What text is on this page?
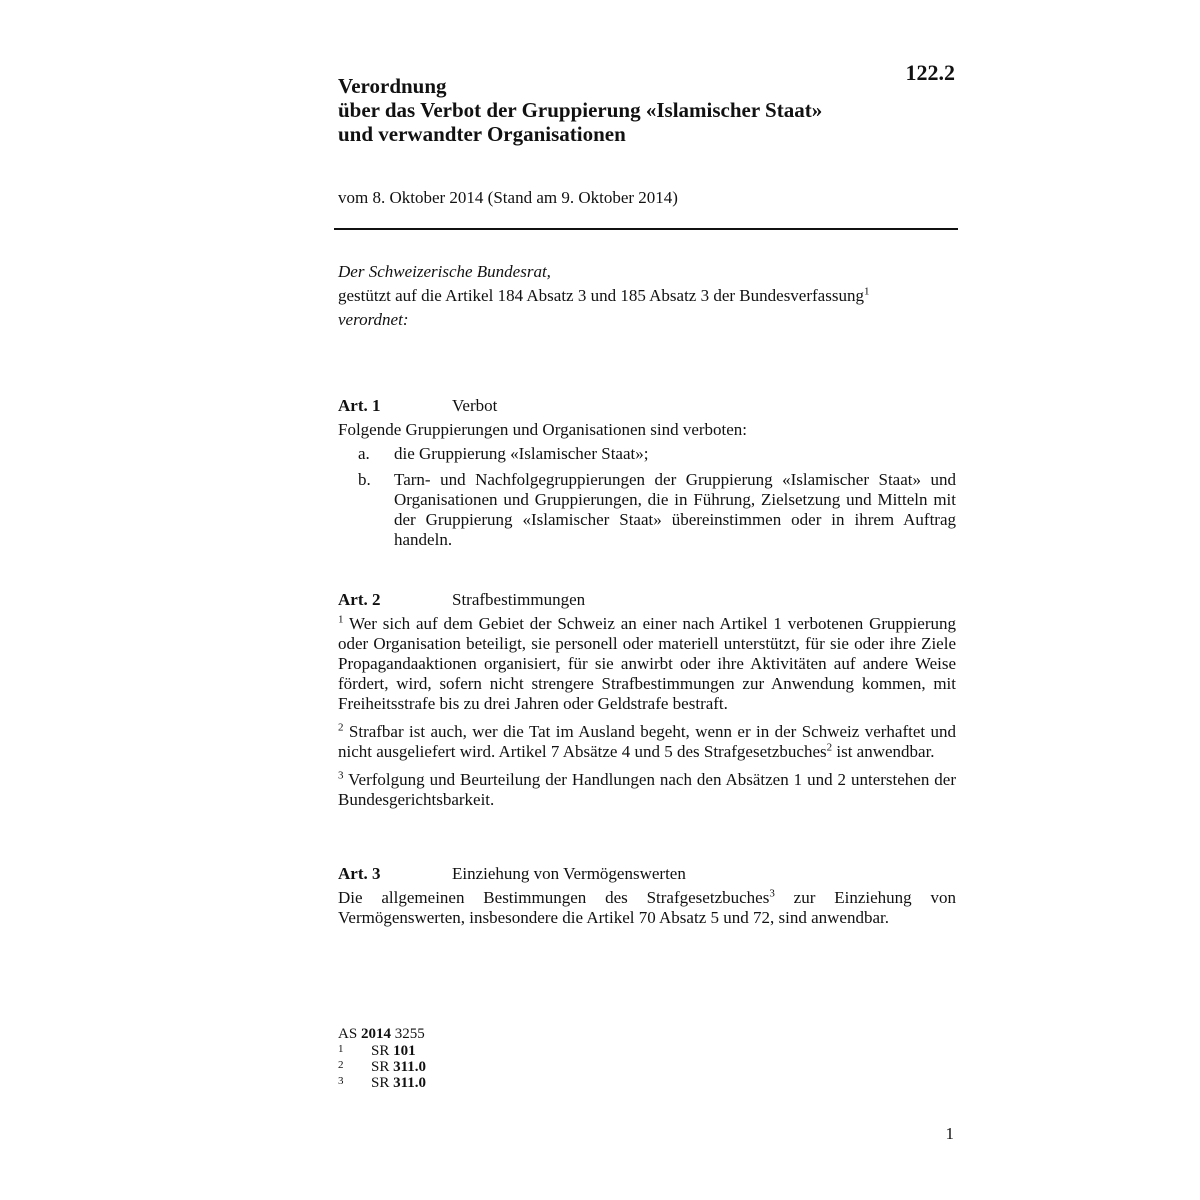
122.2
Verordnung
über das Verbot der Gruppierung «Islamischer Staat»
und verwandter Organisationen
vom 8. Oktober 2014 (Stand am 9. Oktober 2014)
Der Schweizerische Bundesrat,
gestützt auf die Artikel 184 Absatz 3 und 185 Absatz 3 der Bundesverfassung$^1$
verordnet:
Art. 1	Verbot
Folgende Gruppierungen und Organisationen sind verboten:
a.	die Gruppierung «Islamischer Staat»;
b.	Tarn- und Nachfolgegruppierungen der Gruppierung «Islamischer Staat» und Organisationen und Gruppierungen, die in Führung, Zielsetzung und Mitteln mit der Gruppierung «Islamischer Staat» übereinstimmen oder in ihrem Auftrag handeln.
Art. 2	Strafbestimmungen
$^1$ Wer sich auf dem Gebiet der Schweiz an einer nach Artikel 1 verbotenen Gruppierung oder Organisation beteiligt, sie personell oder materiell unterstützt, für sie oder ihre Ziele Propagandaaktionen organisiert, für sie anwirbt oder ihre Aktivitäten auf andere Weise fördert, wird, sofern nicht strengere Strafbestimmungen zur Anwendung kommen, mit Freiheitsstrafe bis zu drei Jahren oder Geldstrafe bestraft.
$^2$ Strafbar ist auch, wer die Tat im Ausland begeht, wenn er in der Schweiz verhaftet und nicht ausgeliefert wird. Artikel 7 Absätze 4 und 5 des Strafgesetzbuches$^2$ ist anwendbar.
$^3$ Verfolgung und Beurteilung der Handlungen nach den Absätzen 1 und 2 unterstehen der Bundesgerichtsbarkeit.
Art. 3	Einziehung von Vermögenswerten
Die allgemeinen Bestimmungen des Strafgesetzbuches$^3$ zur Einziehung von Vermögenswerten, insbesondere die Artikel 70 Absatz 5 und 72, sind anwendbar.
AS 2014 3255
1	SR 101
2	SR 311.0
3	SR 311.0
1
